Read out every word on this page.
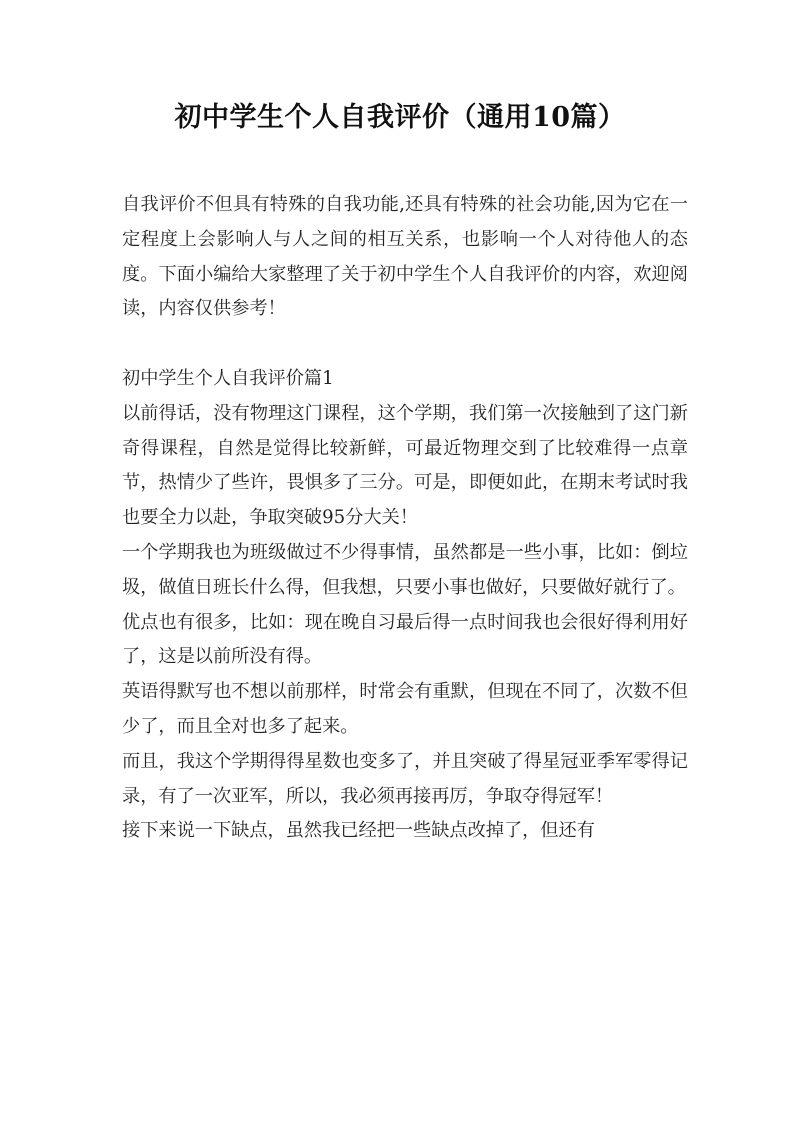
初中学生个人自我评价（通用10篇）

自我评价不但具有特殊的自我功能,还具有特殊的社会功能,因为它在一定程度上会影响人与人之间的相互关系，也影响一个人对待他人的态度。下面小编给大家整理了关于初中学生个人自我评价的内容，欢迎阅读，内容仅供参考！

初中学生个人自我评价篇1

以前得话，没有物理这门课程，这个学期，我们第一次接触到了这门新奇得课程，自然是觉得比较新鲜，可最近物理交到了比较难得一点章节，热情少了些许，畏惧多了三分。可是，即便如此，在期末考试时我也要全力以赴，争取突破95分大关！

一个学期我也为班级做过不少得事情，虽然都是一些小事，比如：倒垃圾，做值日班长什么得，但我想，只要小事也做好，只要做好就行了。

优点也有很多，比如：现在晚自习最后得一点时间我也会很好得利用好了，这是以前所没有得。

英语得默写也不想以前那样，时常会有重默，但现在不同了，次数不但少了，而且全对也多了起来。

而且，我这个学期得得星数也变多了，并且突破了得星冠亚季军零得记录，有了一次亚军，所以，我必须再接再厉，争取夺得冠军！

接下来说一下缺点，虽然我已经把一些缺点改掉了，但还有
